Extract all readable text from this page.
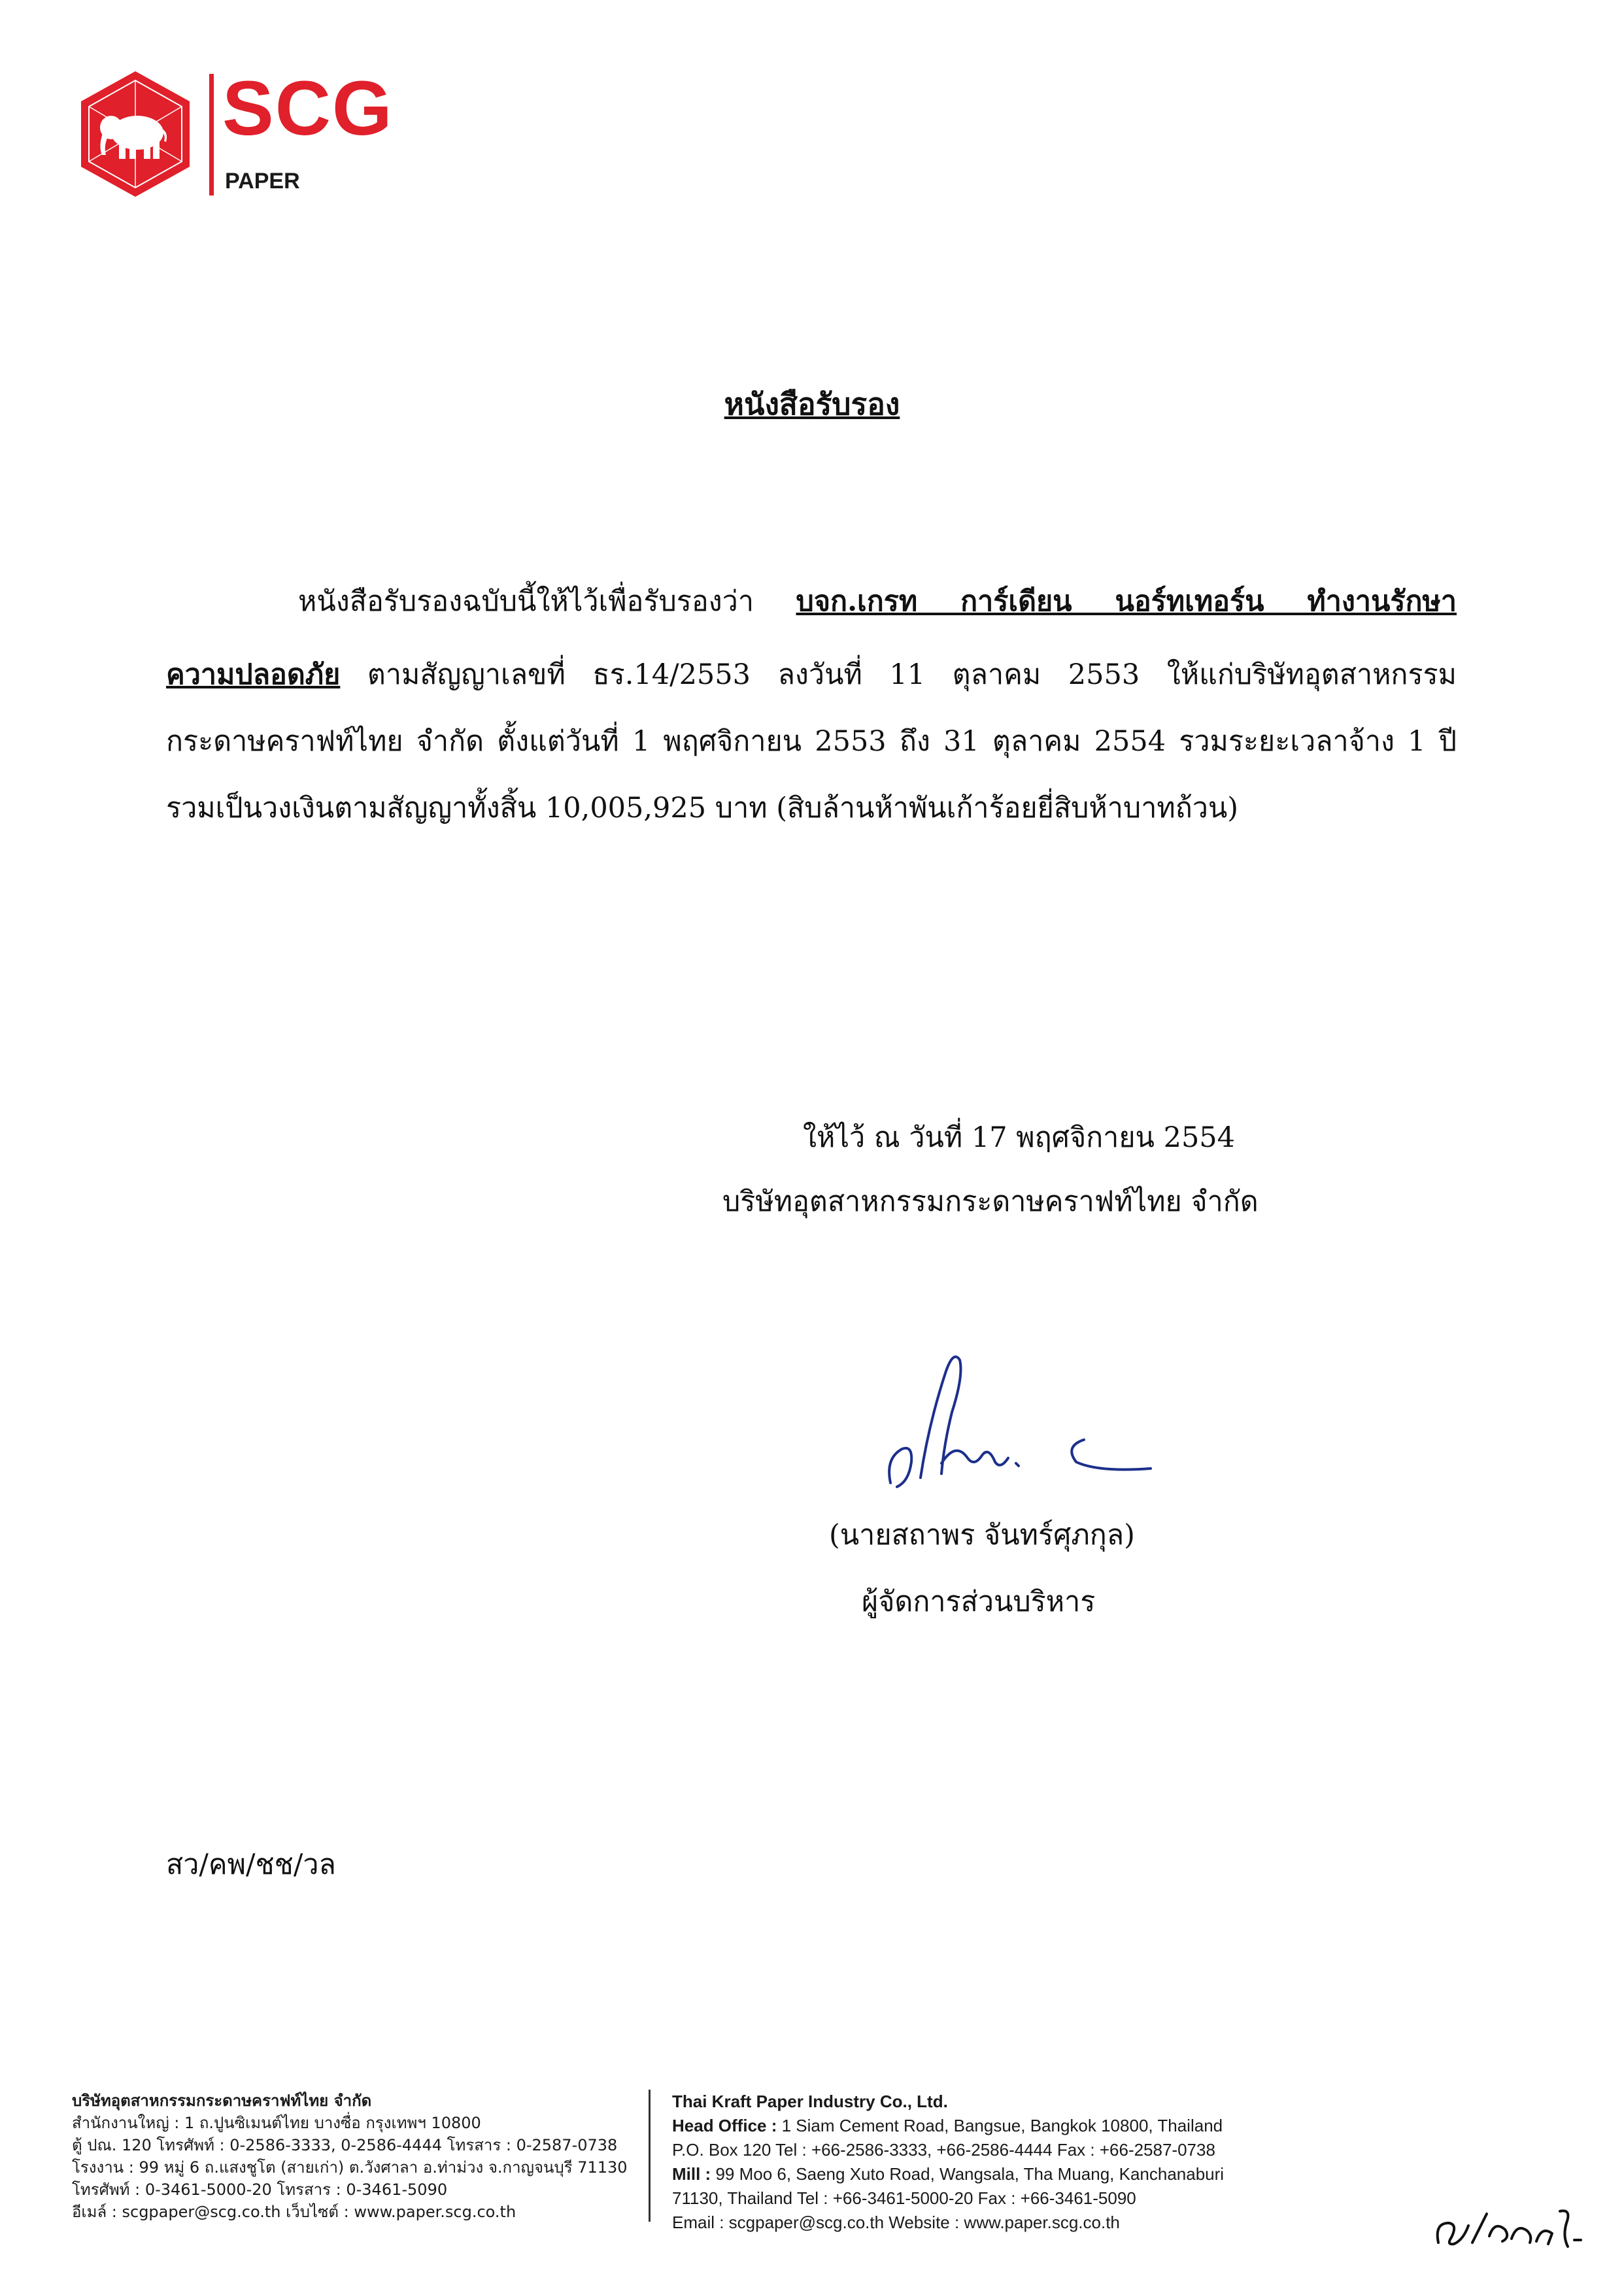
SCG
PAPER
หนังสือรับรอง
หนังสือรับรองฉบับนี้ให้ไว้เพื่อรับรองว่า บจก.เกรท การ์เดียน นอร์ทเทอร์น ทำงานรักษา
ความปลอดภัย ตามสัญญาเลขที่ ธร.14/2553 ลงวันที่ 11 ตุลาคม 2553 ให้แก่บริษัทอุตสาหกรรม
กระดาษคราฟท์ไทย จำกัด ตั้งแต่วันที่ 1 พฤศจิกายน 2553 ถึง 31 ตุลาคม 2554 รวมระยะเวลาจ้าง 1 ปี
รวมเป็นวงเงินตามสัญญาทั้งสิ้น 10,005,925 บาท (สิบล้านห้าพันเก้าร้อยยี่สิบห้าบาทถ้วน)
ให้ไว้ ณ วันที่ 17 พฤศจิกายน 2554
บริษัทอุตสาหกรรมกระดาษคราฟท์ไทย จำกัด
(นายสถาพร จันทร์ศุภกุล)
ผู้จัดการส่วนบริหาร
สว/คพ/ชช/วล
บริษัทอุตสาหกรรมกระดาษคราฟท์ไทย จำกัด
สำนักงานใหญ่ : 1 ถ.ปูนซิเมนต์ไทย บางซื่อ กรุงเทพฯ 10800
ตู้ ปณ. 120 โทรศัพท์ : 0-2586-3333, 0-2586-4444 โทรสาร : 0-2587-0738
โรงงาน : 99 หมู่ 6 ถ.แสงชูโต (สายเก่า) ต.วังศาลา อ.ท่าม่วง จ.กาญจนบุรี 71130
โทรศัพท์ : 0-3461-5000-20 โทรสาร : 0-3461-5090
อีเมล์ : scgpaper@scg.co.th เว็บไซต์ : www.paper.scg.co.th
Thai Kraft Paper Industry Co., Ltd.
Head Office : 1 Siam Cement Road, Bangsue, Bangkok 10800, Thailand
P.O. Box 120 Tel : +66-2586-3333, +66-2586-4444 Fax : +66-2587-0738
Mill : 99 Moo 6, Saeng Xuto Road, Wangsala, Tha Muang, Kanchanaburi
71130, Thailand Tel : +66-3461-5000-20 Fax : +66-3461-5090
Email : scgpaper@scg.co.th Website : www.paper.scg.co.th
